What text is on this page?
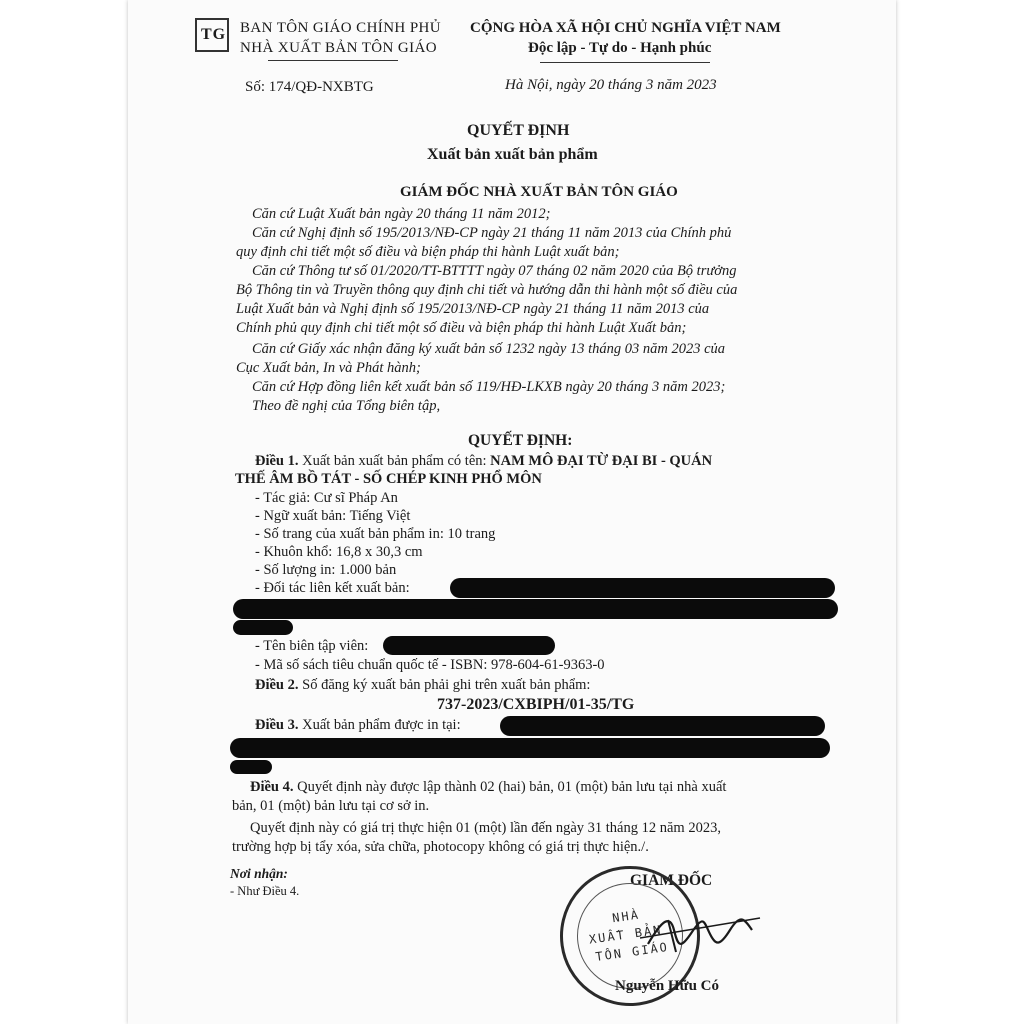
TG BAN TÔN GIÁO CHÍNH PHỦ
NHÀ XUẤT BẢN TÔN GIÁO
CỘNG HÒA XÃ HỘI CHỦ NGHĨA VIỆT NAM
Độc lập - Tự do - Hạnh phúc
Số: 174/QĐ-NXBTG	Hà Nội, ngày 20 tháng 3 năm 2023
QUYẾT ĐỊNH
Xuất bản xuất bản phẩm
GIÁM ĐỐC NHÀ XUẤT BẢN TÔN GIÁO
Căn cứ Luật Xuất bản ngày 20 tháng 11 năm 2012;
Căn cứ Nghị định số 195/2013/NĐ-CP ngày 21 tháng 11 năm 2013 của Chính phủ
quy định chi tiết một số điều và biện pháp thi hành Luật xuất bản;
Căn cứ Thông tư số 01/2020/TT-BTTTT ngày 07 tháng 02 năm 2020 của Bộ trưởng
Bộ Thông tin và Truyền thông quy định chi tiết và hướng dẫn thi hành một số điều của
Luật Xuất bản và Nghị định số 195/2013/NĐ-CP ngày 21 tháng 11 năm 2013 của
Chính phủ quy định chi tiết một số điều và biện pháp thi hành Luật Xuất bản;
Căn cứ Giấy xác nhận đăng ký xuất bản số 1232 ngày 13 tháng 03 năm 2023 của
Cục Xuất bản, In và Phát hành;
Căn cứ Hợp đồng liên kết xuất bản số 119/HĐ-LKXB ngày 20 tháng 3 năm 2023;
Theo đề nghị của Tổng biên tập,
QUYẾT ĐỊNH:
Điều 1. Xuất bản xuất bản phẩm có tên: NAM MÔ ĐẠI TỪ ĐẠI BI - QUÁN
THẾ ÂM BỒ TÁT - SỐ CHÉP KINH PHỔ MÔN
- Tác giả: Cư sĩ Pháp An
- Ngữ xuất bản: Tiếng Việt
- Số trang của xuất bản phẩm in: 10 trang
- Khuôn khổ: 16,8 x 30,3 cm
- Số lượng in: 1.000 bản
- Đối tác liên kết xuất bản:
- Tên biên tập viên:
- Mã số sách tiêu chuẩn quốc tế - ISBN: 978-604-61-9363-0
Điều 2. Số đăng ký xuất bản phải ghi trên xuất bản phẩm:
737-2023/CXBIPH/01-35/TG
Điều 3. Xuất bản phẩm được in tại:
Điều 4. Quyết định này được lập thành 02 (hai) bản, 01 (một) bản lưu tại nhà xuất
bản, 01 (một) bản lưu tại cơ sở in.
Quyết định này có giá trị thực hiện 01 (một) lần đến ngày 31 tháng 12 năm 2023,
trường hợp bị tẩy xóa, sửa chữa, photocopy không có giá trị thực hiện./.
Nơi nhận:
- Như Điều 4.
GIÁM ĐỐC
NHÀ
XUẤT BẢN
TÔN GIÁO
Nguyễn Hữu Có
